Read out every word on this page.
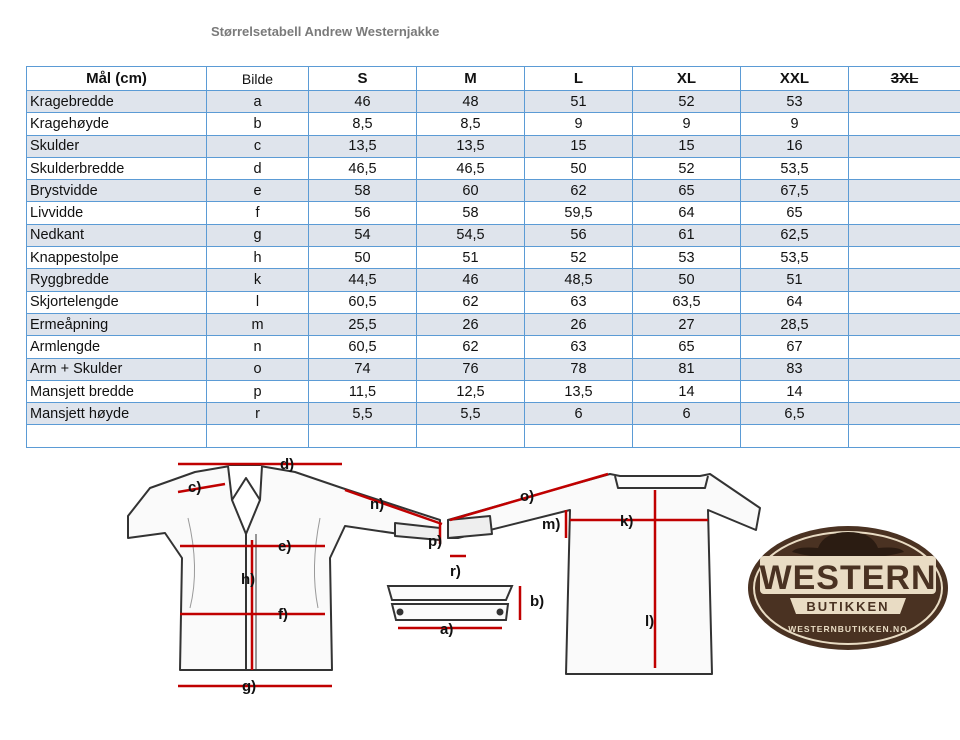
Størrelsetabell Andrew Westernjakke
Mål (cm)	Bilde	S	M	L	XL	XXL	3XL
Kragebredde	a	46	48	51	52	53	
Kragehøyde	b	8,5	8,5	9	9	9	
Skulder	c	13,5	13,5	15	15	16	
Skulderbredde	d	46,5	46,5	50	52	53,5	
Brystvidde	e	58	60	62	65	67,5	
Livvidde	f	56	58	59,5	64	65	
Nedkant	g	54	54,5	56	61	62,5	
Knappestolpe	h	50	51	52	53	53,5	
Ryggbredde	k	44,5	46	48,5	50	51	
Skjortelengde	l	60,5	62	63	63,5	64	
Ermeåpning	m	25,5	26	26	27	28,5	
Armlengde	n	60,5	62	63	65	67	
Arm + Skulder	o	74	76	78	81	83	
Mansjett bredde	p	11,5	12,5	13,5	14	14	
Mansjett høyde	r	5,5	5,5	6	6	6,5	

d)
c)
e)
h)
f)
g)
n)
p)
r)
o)
m)	k)
l)
b)
a)
WESTERN
BUTIKKEN
WESTERNBUTIKKEN.NO
